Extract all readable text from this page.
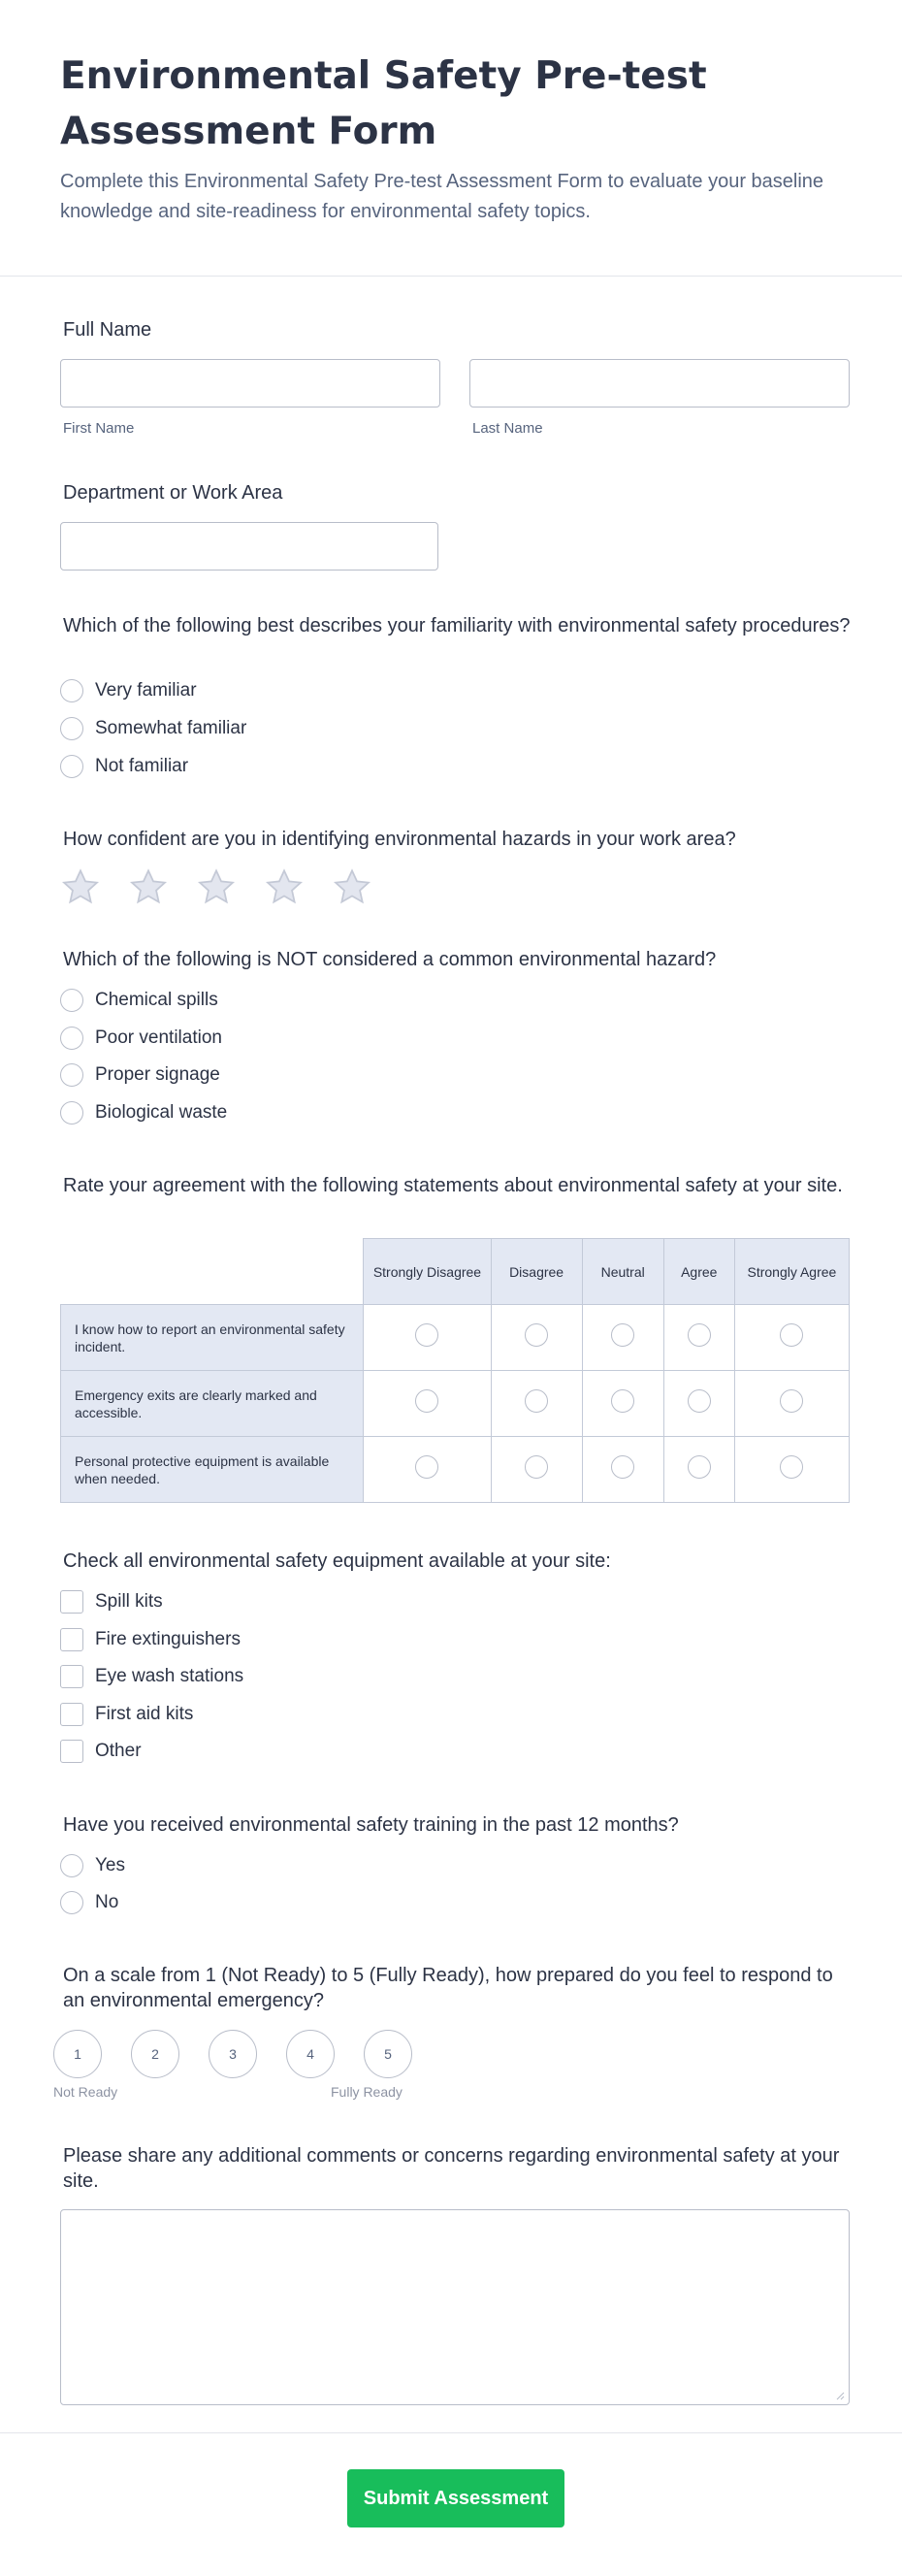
Environmental Safety Pre-test Assessment Form
Complete this Environmental Safety Pre-test Assessment Form to evaluate your baseline knowledge and site-readiness for environmental safety topics.
Full Name
First Name	Last Name
Department or Work Area
Which of the following best describes your familiarity with environmental safety procedures?
Very familiar
Somewhat familiar
Not familiar
How confident are you in identifying environmental hazards in your work area?
Which of the following is NOT considered a common environmental hazard?
Chemical spills
Poor ventilation
Proper signage
Biological waste
Rate your agreement with the following statements about environmental safety at your site.
	Strongly Disagree	Disagree	Neutral	Agree	Strongly Agree
I know how to report an environmental safety incident.					
Emergency exits are clearly marked and accessible.					
Personal protective equipment is available when needed.					
Check all environmental safety equipment available at your site:
Spill kits
Fire extinguishers
Eye wash stations
First aid kits
Other
Have you received environmental safety training in the past 12 months?
Yes
No
On a scale from 1 (Not Ready) to 5 (Fully Ready), how prepared do you feel to respond to an environmental emergency?
1	2	3	4	5
Not Ready	Fully Ready
Please share any additional comments or concerns regarding environmental safety at your site.
Submit Assessment
